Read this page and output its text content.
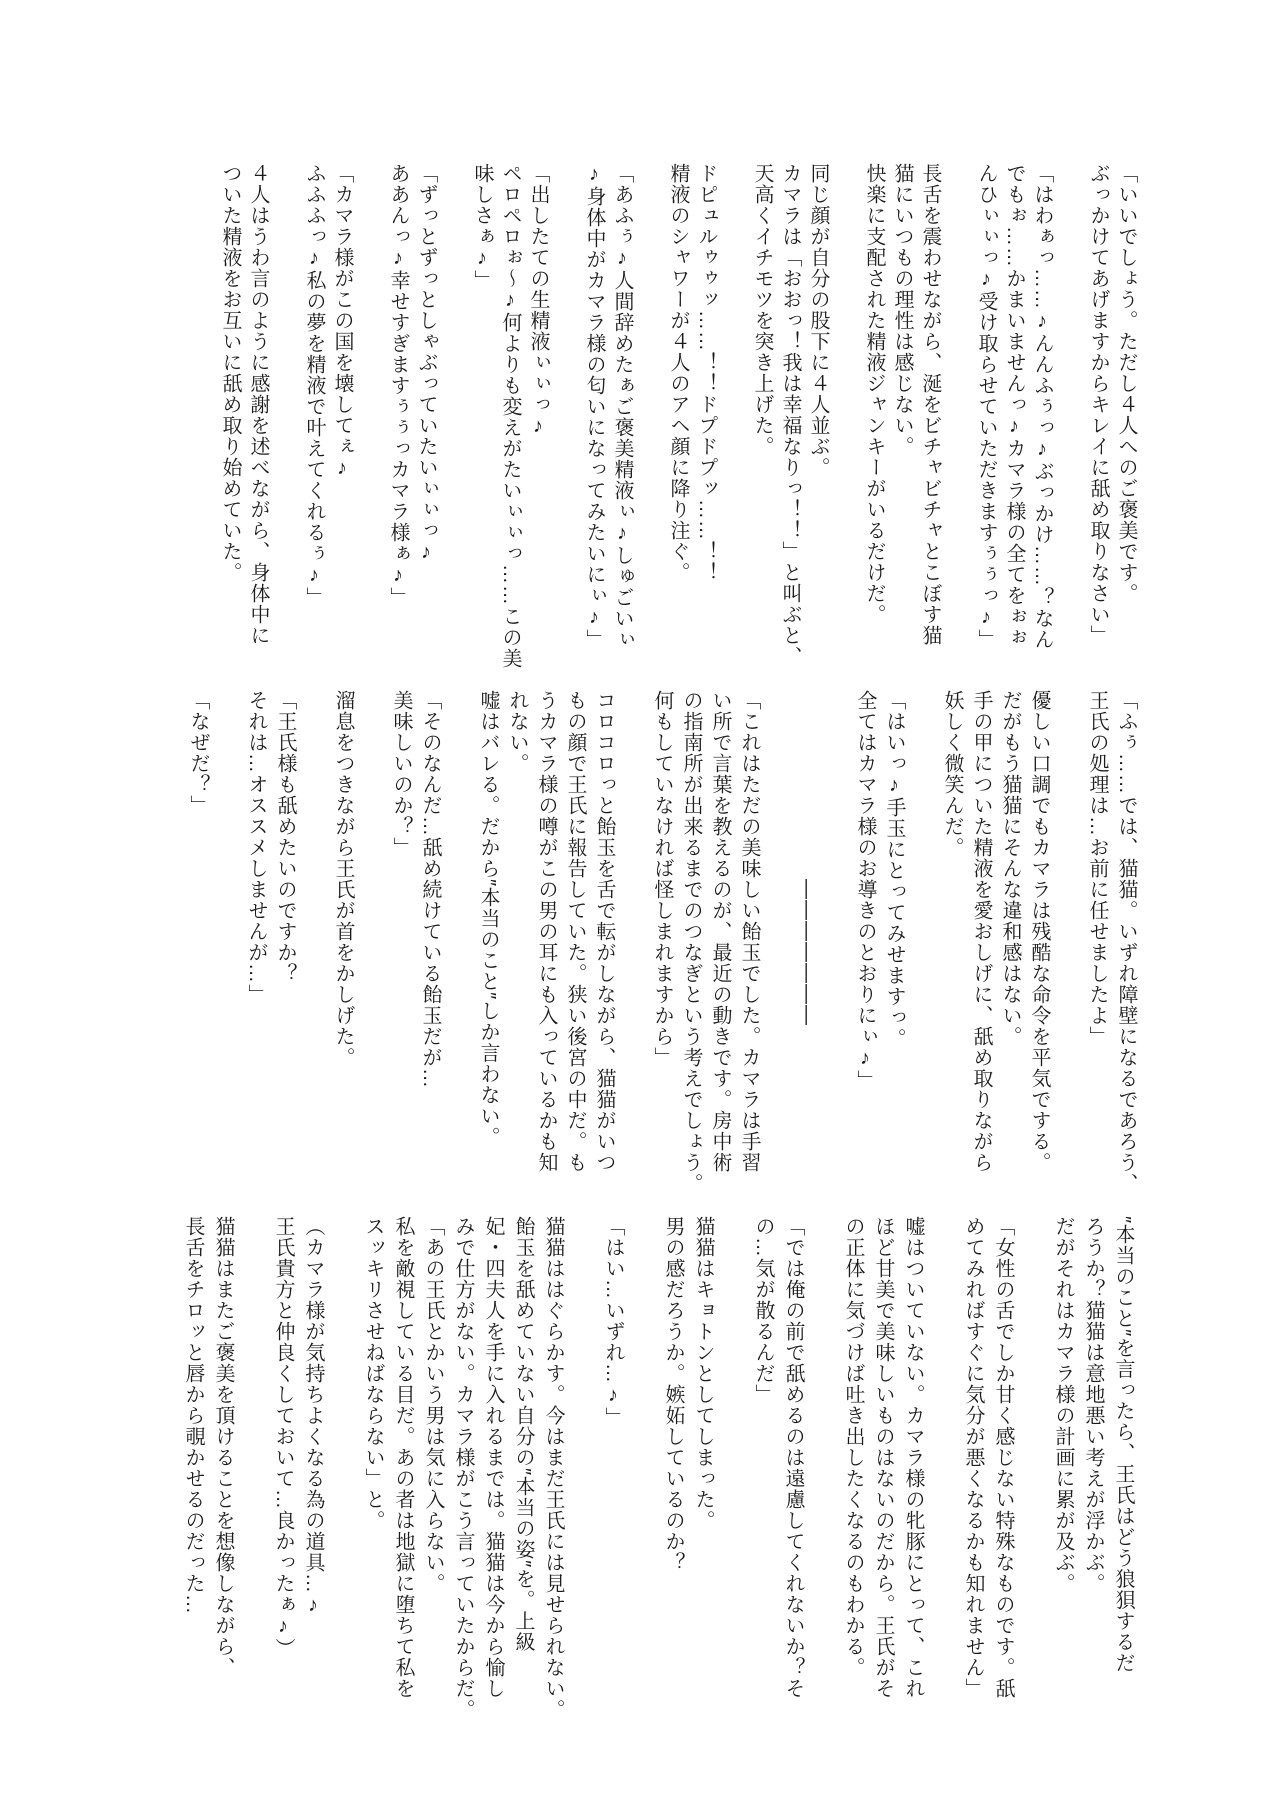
「いいでしょう。ただし４人へのご褒美です。
ぶっかけてあげますからキレイに舐め取りなさい」
「はわぁっ……♪んんふぅっ♪ぶっかけ……？なん
でもぉ……かまいませんっ♪カマラ様の全てをぉぉ
んひぃぃっ♪受け取らせていただきますぅぅっ♪」
長舌を震わせながら、涎をビチャビチャとこぼす猫
猫にいつもの理性は感じない。
快楽に支配された精液ジャンキーがいるだけだ。
同じ顔が自分の股下に４人並ぶ。
カマラは「おおっ！我は幸福なりっ！！」と叫ぶと、
天高くイチモツを突き上げた。
ドピュルゥゥッ……！！ドプドプッ……！！
精液のシャワーが４人のアヘ顔に降り注ぐ。
「あふぅ♪人間辞めたぁご褒美精液ぃ♪しゅごいぃ
♪身体中がカマラ様の匂いになってみたいにぃ♪」
「出したての生精液ぃぃっ♪
ペロペロぉ〜♪何よりも変えがたいぃぃっ……この美
味しさぁ♪」
「ずっとずっとしゃぶっていたいぃぃっ♪
ああんっ♪幸せすぎますぅぅっカマラ様ぁ♪」
「カマラ様がこの国を壊してぇ♪
ふふふっ♪私の夢を精液で叶えてくれるぅ♪」
４人はうわ言のように感謝を述べながら、身体中に
ついた精液をお互いに舐め取り始めていた。
「ふぅ……では、猫猫。いずれ障壁になるであろう、
王氏の処理は…お前に任せましたよ」
優しい口調でもカマラは残酷な命令を平気でする。
だがもう猫猫にそんな違和感はない。
手の甲についた精液を愛おしげに、舐め取りながら
妖しく微笑んだ。
「はいっ♪手玉にとってみせますっ。
全てはカマラ様のお導きのとおりにぃ♪」
　　　　　　　　　―――――――
「これはただの美味しい飴玉でした。カマラは手習
い所で言葉を教えるのが、最近の動きです。房中術
の指南所が出来るまでのつなぎという考えでしょう。
何もしていなければ怪しまれますから」
コロコロっと飴玉を舌で転がしながら、猫猫がいつ
もの顔で王氏に報告していた。狭い後宮の中だ。も
うカマラ様の噂がこの男の耳にも入っているかも知
れない。
嘘はバレる。だから″本当のこと″しか言わない。
「そのなんだ…舐め続けている飴玉だが…
美味しいのか？」
溜息をつきながら王氏が首をかしげた。
「王氏様も舐めたいのですか？
それは…オススメしませんが…」
「なぜだ？」
″本当のこと″を言ったら、王氏はどう狼狽するだ
ろうか？猫猫は意地悪い考えが浮かぶ。
だがそれはカマラ様の計画に累が及ぶ。
「女性の舌でしか甘く感じない特殊なものです。舐
めてみればすぐに気分が悪くなるかも知れません」
嘘はついていない。カマラ様の牝豚にとって、これ
ほど甘美で美味しいものはないのだから。王氏がそ
の正体に気づけば吐き出したくなるのもわかる。
「では俺の前で舐めるのは遠慮してくれないか？そ
の…気が散るんだ」
猫猫はキョトンとしてしまった。
男の感だろうか。嫉妬しているのか？
「はい…いずれ…♪」
猫猫ははぐらかす。今はまだ王氏には見せられない。
飴玉を舐めていない自分の″本当の姿″を。上級
妃・四夫人を手に入れるまでは。猫猫は今から愉し
みで仕方がない。カマラ様がこう言っていたからだ。
「あの王氏とかいう男は気に入らない。
私を敵視している目だ。あの者は地獄に堕ちて私を
スッキリさせねばならない」と。
（カマラ様が気持ちよくなる為の道具…♪
王氏貴方と仲良くしておいて…良かったぁ♪）
猫猫はまたご褒美を頂けることを想像しながら、
長舌をチロッと唇から覗かせるのだった…
